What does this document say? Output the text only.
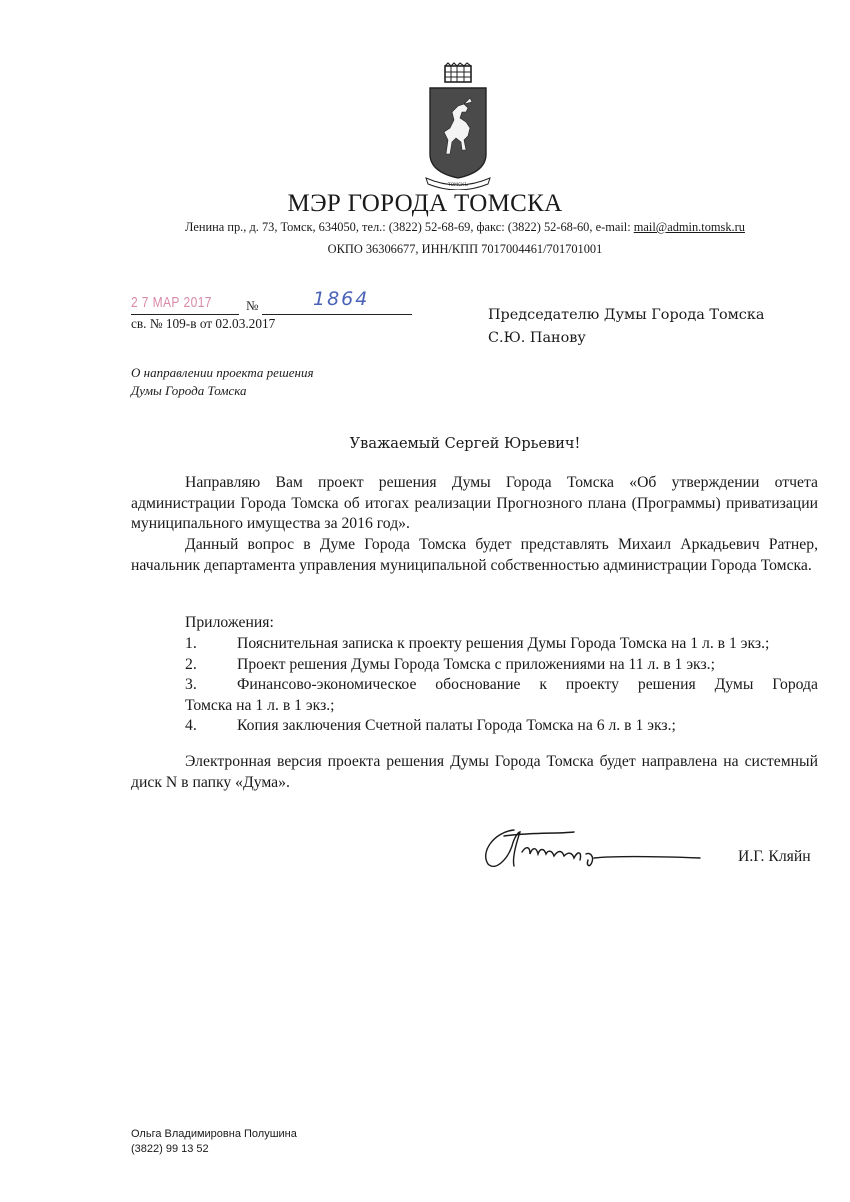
ТОМСКЪ
МЭР ГОРОДА ТОМСКА
Ленина пр., д. 73, Томск, 634050, тел.: (3822) 52-68-69, факс: (3822) 52-68-60, e-mail: mail@admin.tomsk.ru
ОКПО 36306677, ИНН/КПП 7017004461/701701001
2 7 МАР 2017	№	1864
св. № 109-в от 02.03.2017
Председателю Думы Города Томска
С.Ю. Панову
О направлении проекта решения
Думы Города Томска
Уважаемый Сергей Юрьевич!
Направляю Вам проект решения Думы Города Томска «Об утверждении отчета администрации Города Томска об итогах реализации Прогнозного плана (Программы) приватизации муниципального имущества за 2016 год».
Данный вопрос в Думе Города Томска будет представлять Михаил Аркадьевич Ратнер, начальник департамента управления муниципальной собственностью администрации Города Томска.
Приложения:
1.	Пояснительная записка к проекту решения Думы Города Томска на 1 л. в 1 экз.;
2.	Проект решения Думы Города Томска с приложениями на 11 л. в 1 экз.;
3.	Финансово-экономическое обоснование к проекту решения Думы Города
Томска на 1 л. в 1 экз.;
4.	Копия заключения Счетной палаты Города Томска на 6 л. в 1 экз.;
Электронная версия проекта решения Думы Города Томска будет направлена на системный диск N в папку «Дума».
И.Г. Кляйн
Ольга Владимировна Полушина
(3822) 99 13 52
